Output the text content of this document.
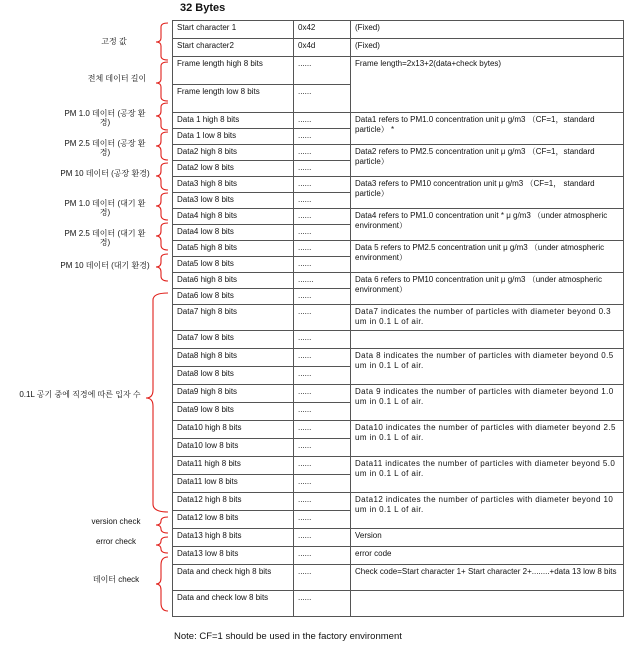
32 Bytes
Start character 1	0x42	(Fixed)
Start character2	0x4d	(Fixed)
Frame length high 8 bits	......	Frame length=2x13+2(data+check bytes)
Frame length low 8 bits	......	
Data 1 high 8 bits	......	Data1 refers to PM1.0 concentration unit μ g/m3 （CF=1，standard particle） *
Data 1 low 8 bits	......	
Data2 high 8 bits	......	Data2 refers to PM2.5 concentration unit μ g/m3 （CF=1，standard particle）
Data2 low 8 bits	......	
Data3 high 8 bits	......	Data3 refers to PM10 concentration unit μ g/m3 （CF=1， standard particle）
Data3 low 8 bits	......	
Data4 high 8 bits	......	Data4 refers to PM1.0 concentration unit * μ g/m3 （under atmospheric environment）
Data4 low 8 bits	......	
Data5 high 8 bits	......	Data 5 refers to PM2.5 concentration unit μ g/m3 （under atmospheric environment）
Data5 low 8 bits	......	
Data6 high 8 bits	.......	Data 6 refers to PM10 concentration unit μ g/m3 （under atmospheric environment）
Data6 low 8 bits	......	
Data7 high 8 bits	......	Data7 indicates the number of particles with diameter beyond 0.3 um in 0.1 L of air.
Data7 low 8 bits	......	
Data8 high 8 bits	......	Data 8 indicates the number of particles with diameter beyond 0.5 um in 0.1 L of air.
Data8 low 8 bits	......	
Data9 high 8 bits	......	Data 9 indicates the number of particles with diameter beyond 1.0 um in 0.1 L of air.
Data9 low 8 bits	......	
Data10 high 8 bits	......	Data10 indicates the number of particles with diameter beyond 2.5 um in 0.1 L of air.
Data10 low 8 bits	......	
Data11 high 8 bits	......	Data11 indicates the number of particles with diameter beyond 5.0 um in 0.1 L of air.
Data11 low 8 bits	......	
Data12 high 8 bits	......	Data12 indicates the number of particles with diameter beyond 10 um in 0.1 L of air.
Data12 low 8 bits	......	
Data13 high 8 bits	......	Version
Data13 low 8 bits	......	error code
Data and check high 8 bits	......	Check code=Start character 1+ Start character 2+........+data 13 low 8 bits
Data and check low 8 bits	......	
고정 값
전체 데이터 길이
PM 1.0 데이터 (공장 환경)
PM 2.5 데이터 (공장 환경)
PM 10 데이터 (공장 환경)
PM 1.0 데이터 (대기 환경)
PM 2.5 데이터 (대기 환경)
PM 10 데이터 (대기 환경)
0.1L 공기 중에 직경에 따른 입자 수
version check
error check
데이터 check
Note: CF=1 should be used in the factory environment
